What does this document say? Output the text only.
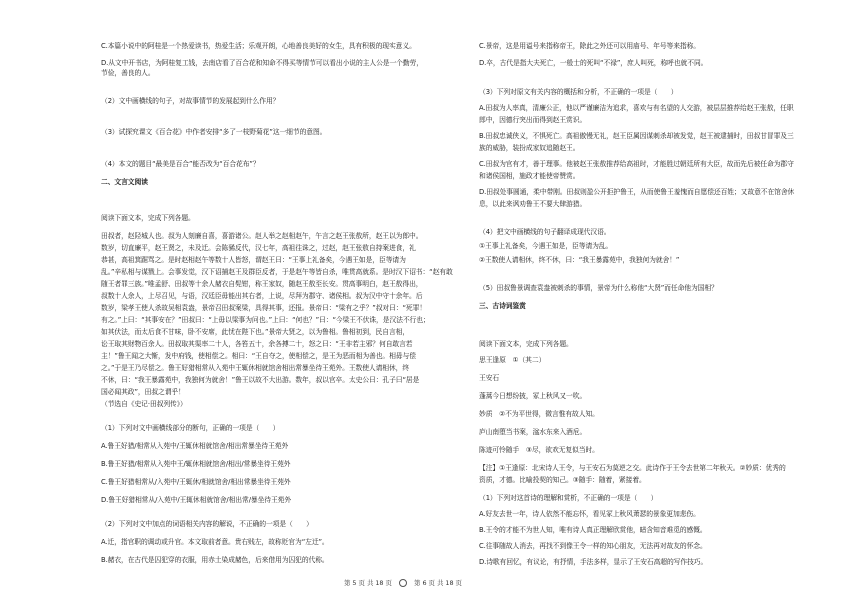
C.本篇小说中的阿桂是一个热爱读书，热爱生活；乐观开朗，心地善良美好的女生，具有积极的现实意义。
D.从文中开书店，为阿桂复工钱，去南店看了百合花和知命不得买等情节可以看出小说的主人公是一个勤劳，
节俭，善良的人。
（2）文中画横线的句子，对故事情节的发展起到什么作用？
（3）试探究课文《百合花》中作者安排“多了一枝野菊花”这一细节的意图。
（4）本文的题目“最美是百合”能否改为“百合花布”？
二、文言文阅读
阅读下面文本，完成下列各题。
田叔者，赵陉城人也。叔为人刻廉自喜，喜游诸公。赵人举之赵相赵午，午言之赵王张敖所，赵王以为郎中。
数岁，切直廉平，赵王贤之，未及迁。会陈豨反代，汉七年，高祖往诛之，过赵，赵王张敖自持案进食，礼
恭甚，高祖箕踞骂之。是时赵相赵午等数十人皆怒，谓赵王曰：“王事上礼备矣，今遇王如是，臣等请为
乱。”辛私相与谋戮上。会事发觉，汉下诏捕赵王及群臣反者，于是赵午等皆自杀，唯贯高就系。是时汉下诏书：“赵有敢
随王者罪三族。”唯孟舒、田叔等十余人赭衣自髡钳，称王家奴，随赵王敖至长安。贯高事明白，赵王敖得出，
叔数十人余人，上尽召见，与语，汉廷臣毋能出其右者，上说，尽拜为郡守、诸侯相。叔为汉中守十余年。后
数岁，梁孝王使人杀故吴相袁盎，景帝召田叔案梁，具得其事，还报。景帝曰：“梁有之乎？”叔对曰：“死罪！
有之。”上曰：“其事安在？”田叔曰：“上毋以梁事为问也。”上曰：“何也？”曰：“今梁王不伏诛，是汉法不行也；
如其伏法，而太后食不甘味，卧不安席，此忧在陛下也。”景帝大贤之，以为鲁相。鲁相初到，民自言相，
讼王取其财物百余人。田叔取其渠率二十人，各笞五十，余各搏二十，怒之曰：“王非若主邪？何自敢言若
主！”鲁王闻之大惭，发中府钱，使相偿之。相曰：“王自夺之，使相偿之，是王为恶而相为善也。相毋与偿
之。”于是王乃尽偿之。鲁王好猎相常从入苑中王辄休相就馆舍相出常暴坐待王苑外。王数使人请相休，终
不休，曰：“我王暴露苑中，我独何为就舍！”鲁王以故不大出游。数年，叔以官卒。太史公曰：孔子曰“居是
国必闻其政”，田叔之谓乎！
（节选自《史记·田叔列传》）
（1）下列对文中画横线部分的断句，正确的一项是（　　）
A.鲁王好猎/相常从入苑中/王辄休相就馆舍/相出常暴坐待王苑外
B.鲁王好猎/相常从入苑中王/辄休相就馆舍/相出/常暴坐待王苑外
C.鲁王好猎相常从/入苑中/王辄休/相就馆舍/相出常暴坐待王苑外
D.鲁王好猎相常从/入苑中/王辄休相就馆舍/相出常/暴坐待王苑外
（2）下列对文中加点的词语相关内容的解说，不正确的一项是（　　）
A.迁，指官职的调动或升官。本文取前者意。贵右贱左，故称贬官为“左迁”。
B.赭衣，在古代是囚犯穿的衣服，用赤土染成赭色，后来借用为囚犯的代称。
C.景帝，这是用谥号来指称帝王，除此之外还可以用庙号、年号等来指称。
D.卒，古代是指大夫死亡，一般士的死叫“不禄”，庶人叫死，称呼也就不同。
（3）下列对原文有关内容的概括和分析，不正确的一项是（　　）
A.田叔为人率真，清廉公正，他以严谨廉洁为追求，喜欢与有名望的人交游，被层层推荐给赵王张敖，任职
郎中，因德行突出而得到赵王赏识。
B.田叔忠诚侠义，不惧死亡。高祖傲慢无礼，赵王臣属因谋刺杀却被发觉，赵王被逮捕时，田叔甘冒罪及三
族的威胁，装扮成家奴追随赵王。
C.田叔为官有才，善于理事。他被赵王张敖推荐给高祖时，才能胜过朝廷所有大臣，故而先后被任命为郡守
和诸侯国相，施政才能使帝赞赏。
D.田叔处事圆通，柔中带刚。田叔则盈公开拒护鲁王，从而使鲁王羞愧而自愿偿还百姓；又故意不在馆舍休
息，以此来讽劝鲁王不要大肆游猎。
（4）把文中画横线的句子翻译成现代汉语。
①王事上礼备矣，今遇王如是，臣等请为乱。
②王数使人请相休，终不休，曰：“我王暴露苑中，我独何为就舍！”
（5）田叔鲁景调查袁盎被刺杀的事情，景帝为什么称他“大贤”而任命他为国相？
三、古诗词鉴赏
阅读下面文本，完成下列各题。
思王逢原　①（其二）
王安石
蓬蒿今日想纷披，冢上秋风又一吹。
妙质　②不为平世得，微言惟有故人知。
庐山南堕当书案，湓水东来入酒卮。
陈迹可怜随手　③尽，欲欢无复似当时。
【注】①王逢原：北宋诗人王令，与王安石为莫逆之交。此诗作于王令去世第二年秋天。②妙质：优秀的
资质，才德。比喻投契的知己。③随手：随着，紧接着。
（1）下列对这首诗的理解和赏析，不正确的一项是（　　）
A.好友去世一年，诗人依然不能忘怀，看见冢上秋风萧瑟的景象更加悲伤。
B.王令的才能不为世人知，唯有诗人真正理解欣赏他，暗含知音难觅的感慨。
C.往事随故人消去，再找不到像王令一样的知心朋友，无法再对故友的怀念。
D.诗歌有回忆，有议论，有抒情，手法多样，显示了王安石高超的写作技巧。
第 5 页 共 18 页	第 6 页 共 18 页
